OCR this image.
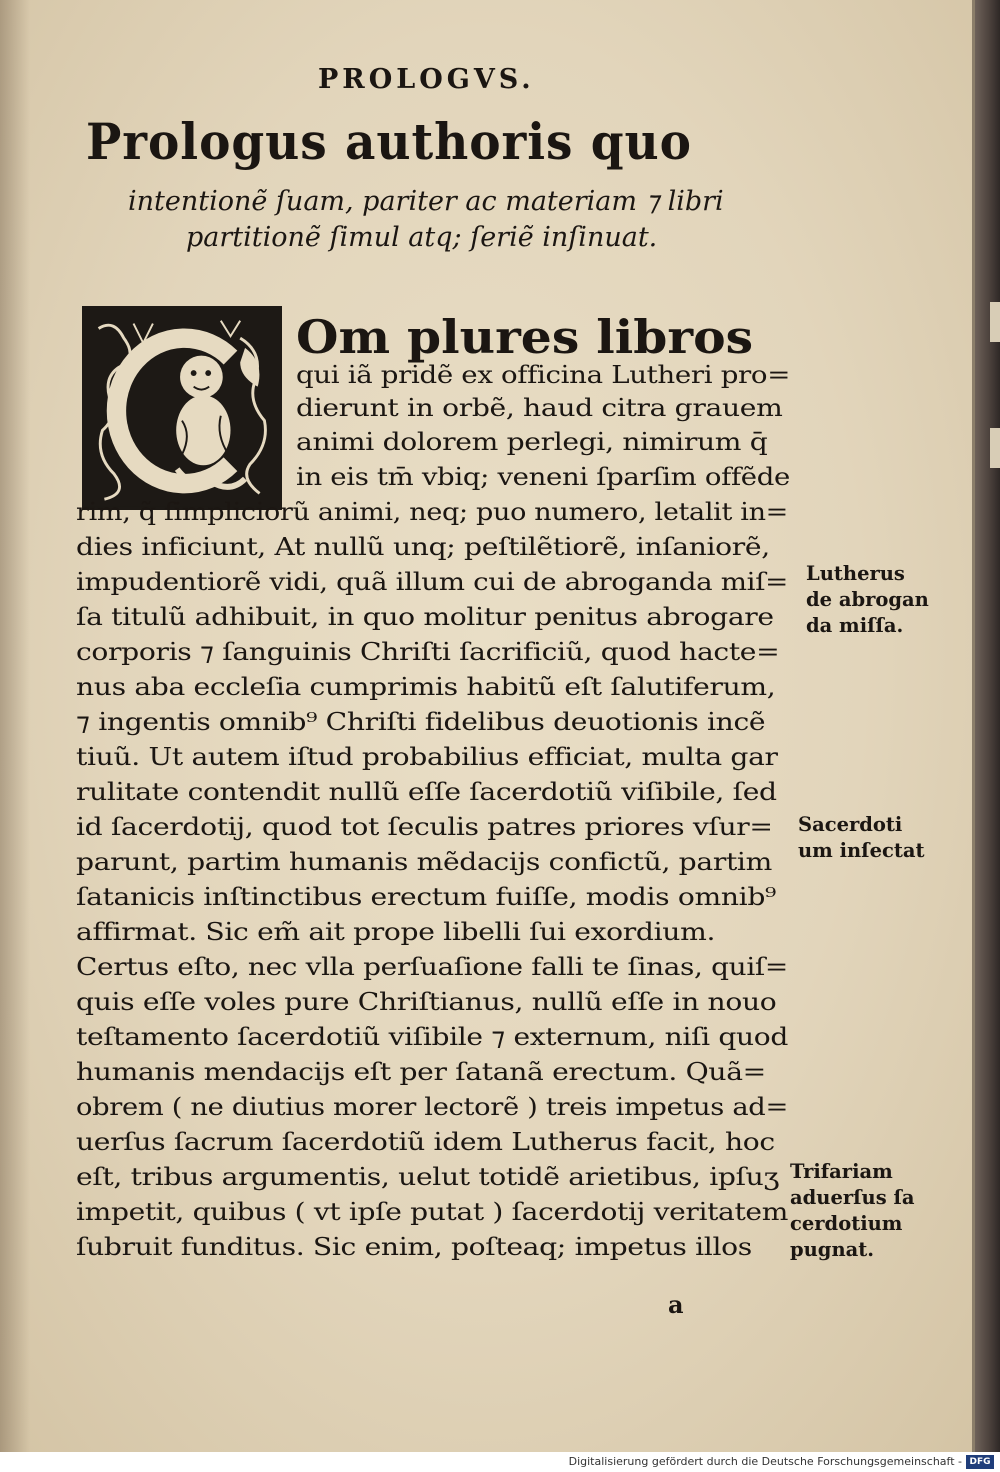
PROLOGVS.
Prologus authoris quo
intentionẽ ſuam, pariter ac materiam ⁊ libri
partitionẽ ſimul atq; ſeriẽ inſinuat.
Om plures libros
qui iã pridẽ ex officina Lutheri pro=
dierunt in orbẽ, haud citra grauem
animi dolorem perlegi, nimirum q̄
in eis tm̄ vbiq; veneni ſparſim offẽde
rim, q̃ ſimpliciorũ animi, neq; puo numero, letalit in=
dies inficiunt, At nullũ unq; peſtilẽtiorẽ, inſaniorẽ,
impudentiorẽ vidi, quã illum cui de abroganda miſ=
ſa titulũ adhibuit, in quo molitur penitus abrogare
corporis ⁊ ſanguinis Chriſti ſacrificiũ, quod hacte=
nus aba eccleſia cumprimis habitũ eſt ſalutiferum,
⁊ ingentis omnib⁹ Chriſti fidelibus deuotionis incẽ
tiuũ. Ut autem iſtud probabilius efficiat, multa gar
rulitate contendit nullũ eſſe ſacerdotiũ viſibile, ſed
id ſacerdotij, quod tot ſeculis patres priores vſur=
parunt, partim humanis mẽdacijs confictũ, partim
ſatanicis inſtinctibus erectum fuiſſe, modis omnib⁹
affirmat. Sic em̃ ait prope libelli ſui exordium.
Certus eſto, nec vlla perſuaſione falli te ſinas, quiſ=
quis eſſe voles pure Chriſtianus, nullũ eſſe in nouo
teſtamento ſacerdotiũ viſibile ⁊ externum, niſi quod
humanis mendacijs eſt per ſatanã erectum. Quã=
obrem ( ne diutius morer lectorẽ ) treis impetus ad=
uerſus ſacrum ſacerdotiũ idem Lutherus facit, hoc
eſt, tribus argumentis, uelut totidẽ arietibus, ipſuʒ
impetit, quibus ( vt ipſe putat ) ſacerdotij veritatem
ſubruit funditus. Sic enim, poſteaq; impetus illos
Lutherus
de abrogan
da miſſa.
Sacerdoti
um inſectat
Trifariam
aduerſus ſa
cerdotium
pugnat.
a
Digitalisierung gefördert durch die Deutsche Forschungsgemeinschaft - DFG
